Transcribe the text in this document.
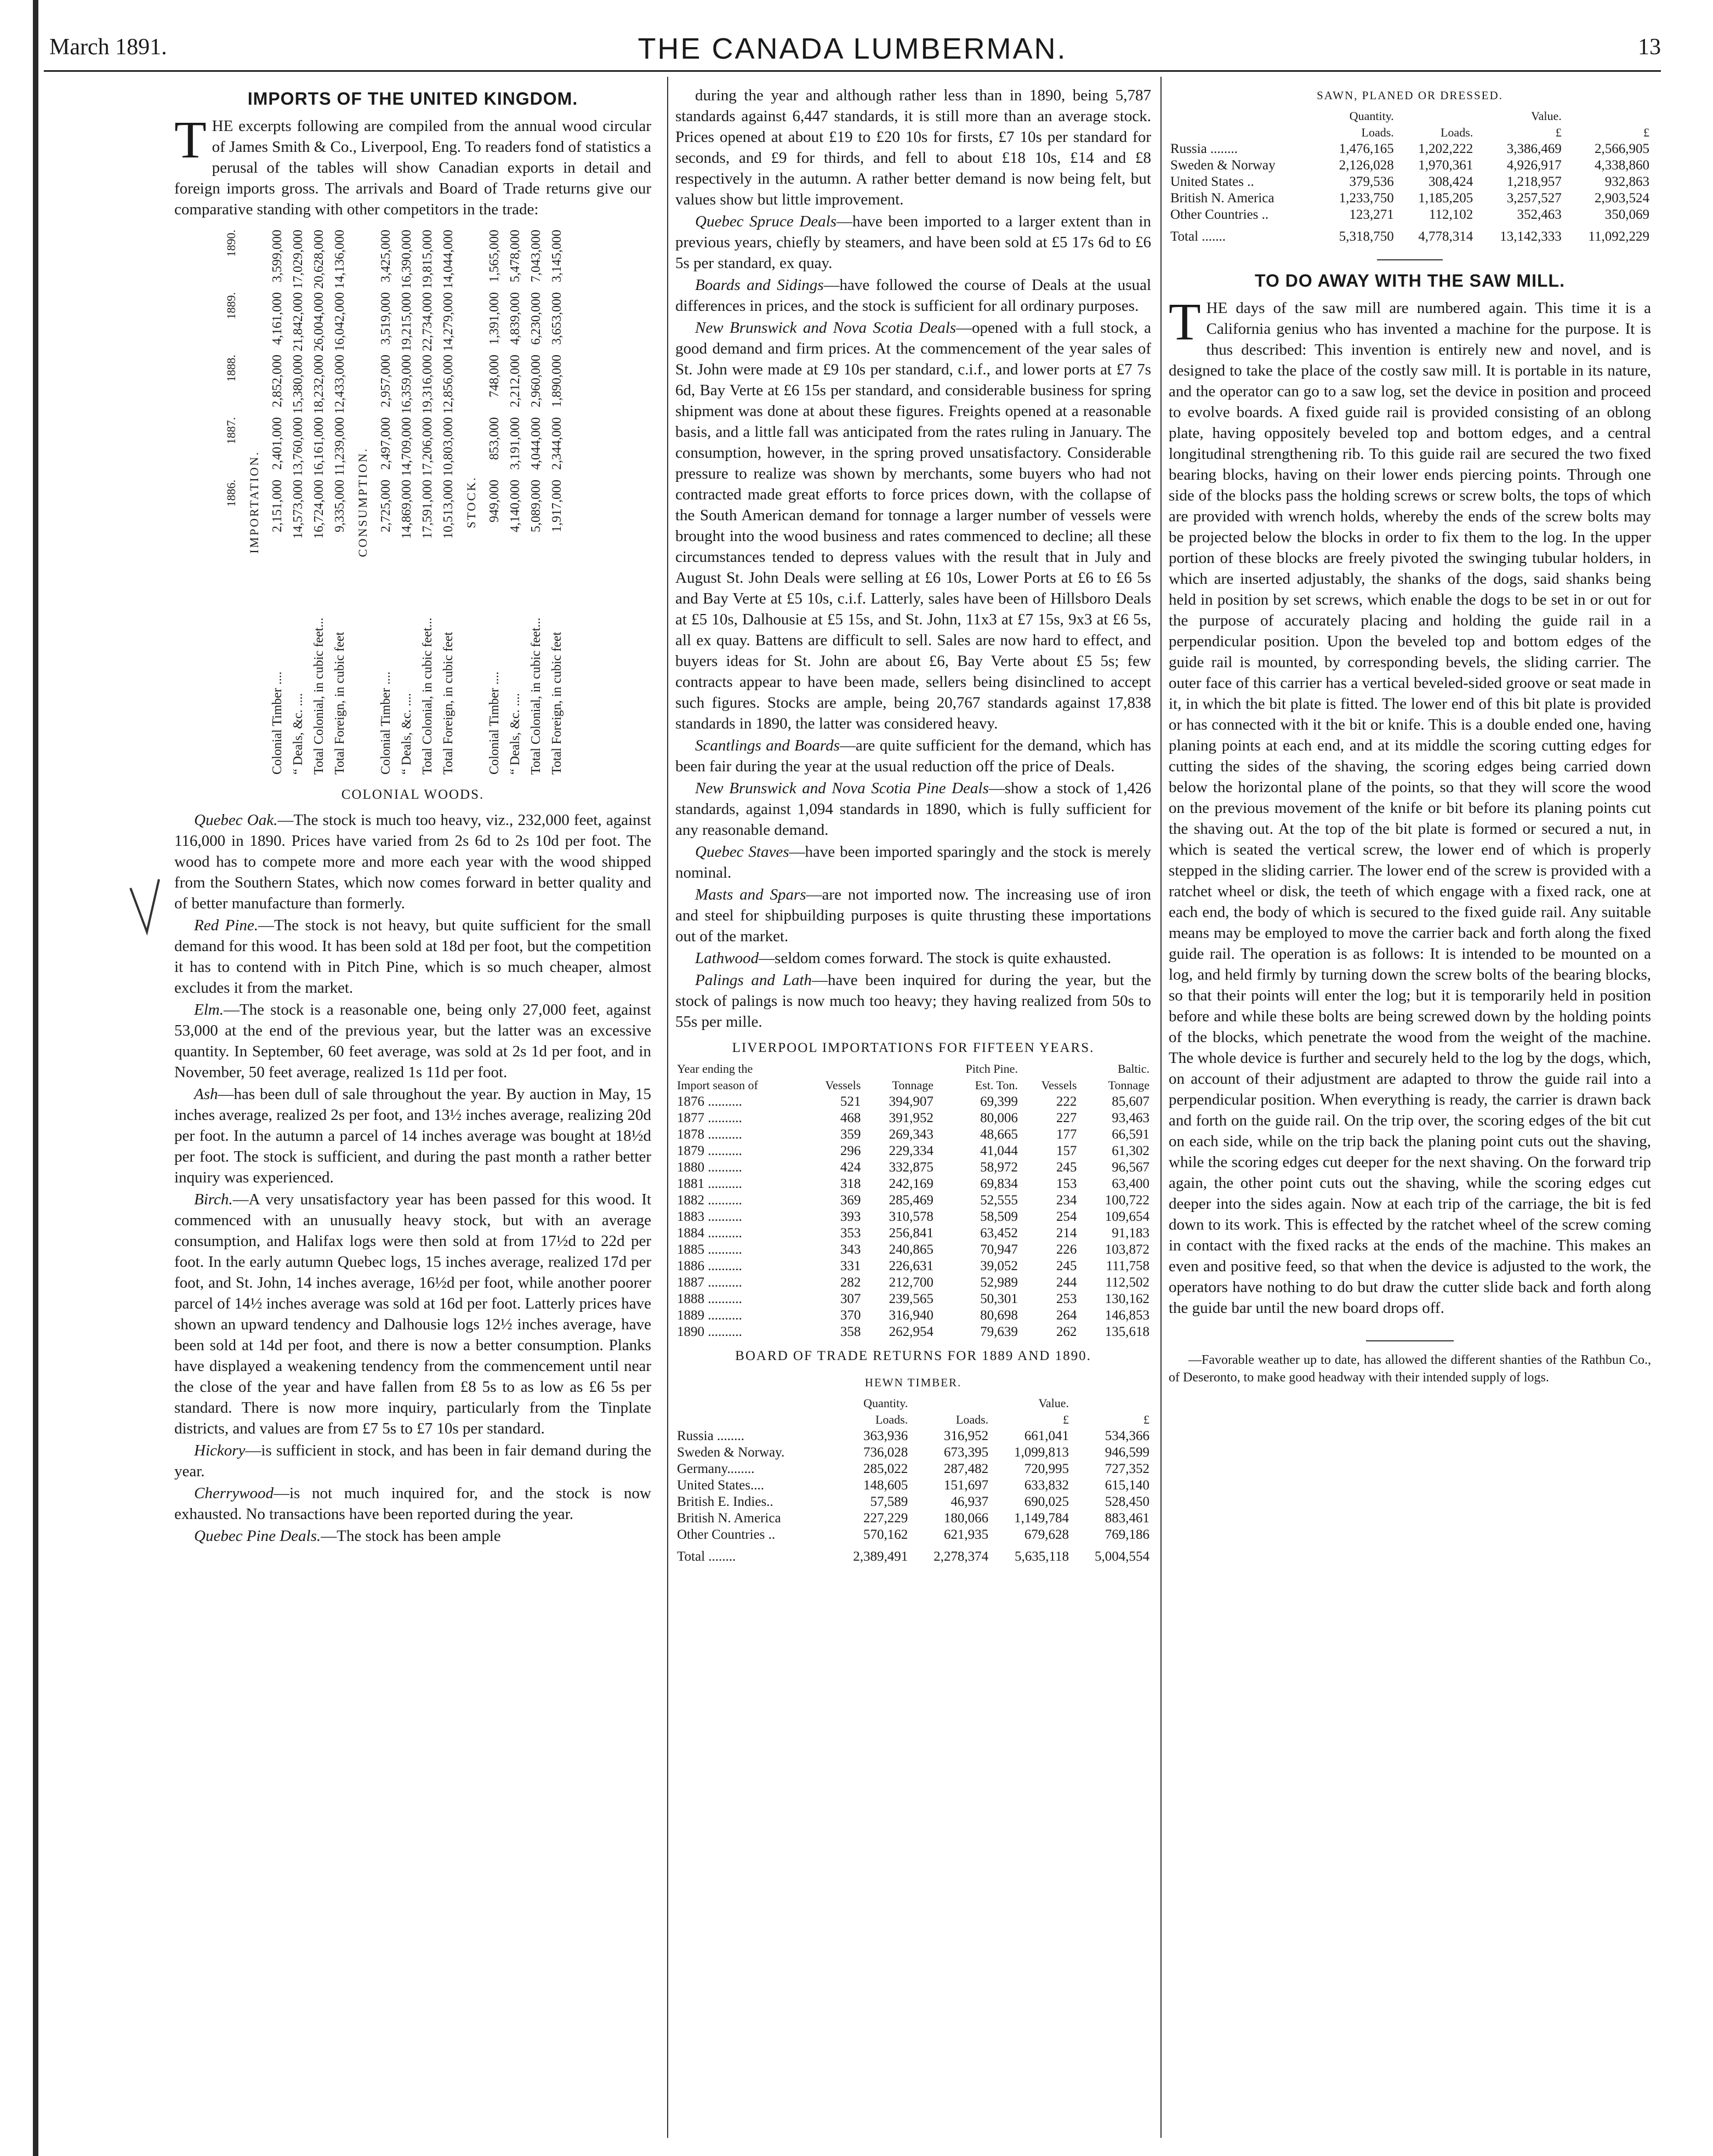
March 1891.	THE CANADA LUMBERMAN.	13
IMPORTS OF THE UNITED KINGDOM.

THE excerpts following are compiled from the annual wood circular of James Smith & Co., Liverpool, Eng. To readers fond of statistics a perusal of the tables will show Canadian exports in detail and foreign imports gross. The arrivals and Board of Trade returns give our comparative standing with other competitors in the trade:

	1886.	1887.	1888.	1889.	1890.
IMPORTATION.					
Colonial Timber ....	2,151,000	2,401,000	2,852,000	4,161,000	3,599,000
“ Deals, &c. ....	14,573,000	13,760,000	15,380,000	21,842,000	17,029,000
Total Colonial, in cubic feet...	16,724,000	16,161,000	18,232,000	26,004,000	20,628,000
Total Foreign, in cubic feet	9,335,000	11,239,000	12,433,000	16,042,000	14,136,000
CONSUMPTION.					
Colonial Timber ....	2,725,000	2,497,000	2,957,000	3,519,000	3,425,000
“ Deals, &c. ....	14,869,000	14,709,000	16,359,000	19,215,000	16,390,000
Total Colonial, in cubic feet...	17,591,000	17,206,000	19,316,000	22,734,000	19,815,000
Total Foreign, in cubic feet	10,513,000	10,803,000	12,856,000	14,279,000	14,044,000
STOCK.					
Colonial Timber ....	949,000	853,000	748,000	1,391,000	1,565,000
“ Deals, &c. ....	4,140,000	3,191,000	2,212,000	4,839,000	5,478,000
Total Colonial, in cubic feet...	5,089,000	4,044,000	2,960,000	6,230,000	7,043,000
Total Foreign, in cubic feet	1,917,000	2,344,000	1,890,000	3,653,000	3,145,000
COLONIAL WOODS.

Quebec Oak.—The stock is much too heavy, viz., 232,000 feet, against 116,000 in 1890. Prices have varied from 2s 6d to 2s 10d per foot. The wood has to compete more and more each year with the wood shipped from the Southern States, which now comes forward in better quality and of better manufacture than formerly.

Red Pine.—The stock is not heavy, but quite sufficient for the small demand for this wood. It has been sold at 18d per foot, but the competition it has to contend with in Pitch Pine, which is so much cheaper, almost excludes it from the market.

Elm.—The stock is a reasonable one, being only 27,000 feet, against 53,000 at the end of the previous year, but the latter was an excessive quantity. In September, 60 feet average, was sold at 2s 1d per foot, and in November, 50 feet average, realized 1s 11d per foot.

Ash—has been dull of sale throughout the year. By auction in May, 15 inches average, realized 2s per foot, and 13½ inches average, realizing 20d per foot. In the autumn a parcel of 14 inches average was bought at 18½d per foot. The stock is sufficient, and during the past month a rather better inquiry was experienced.

Birch.—A very unsatisfactory year has been passed for this wood. It commenced with an unusually heavy stock, but with an average consumption, and Halifax logs were then sold at from 17½d to 22d per foot. In the early autumn Quebec logs, 15 inches average, realized 17d per foot, and St. John, 14 inches average, 16½d per foot, while another poorer parcel of 14½ inches average was sold at 16d per foot. Latterly prices have shown an upward tendency and Dalhousie logs 12½ inches average, have been sold at 14d per foot, and there is now a better consumption. Planks have displayed a weakening tendency from the commencement until near the close of the year and have fallen from £8 5s to as low as £6 5s per standard. There is now more inquiry, particularly from the Tinplate districts, and values are from £7 5s to £7 10s per standard.

Hickory—is sufficient in stock, and has been in fair demand during the year.

Cherrywood—is not much inquired for, and the stock is now exhausted. No transactions have been reported during the year.

Quebec Pine Deals.—The stock has been ample

during the year and although rather less than in 1890, being 5,787 standards against 6,447 standards, it is still more than an average stock. Prices opened at about £19 to £20 10s for firsts, £7 10s per standard for seconds, and £9 for thirds, and fell to about £18 10s, £14 and £8 respectively in the autumn. A rather better demand is now being felt, but values show but little improvement.

Quebec Spruce Deals—have been imported to a larger extent than in previous years, chiefly by steamers, and have been sold at £5 17s 6d to £6 5s per standard, ex quay.

Boards and Sidings—have followed the course of Deals at the usual differences in prices, and the stock is sufficient for all ordinary purposes.

New Brunswick and Nova Scotia Deals—opened with a full stock, a good demand and firm prices. At the commencement of the year sales of St. John were made at £9 10s per standard, c.i.f., and lower ports at £7 7s 6d, Bay Verte at £6 15s per standard, and considerable business for spring shipment was done at about these figures. Freights opened at a reasonable basis, and a little fall was anticipated from the rates ruling in January. The consumption, however, in the spring proved unsatisfactory. Considerable pressure to realize was shown by merchants, some buyers who had not contracted made great efforts to force prices down, with the collapse of the South American demand for tonnage a larger number of vessels were brought into the wood business and rates commenced to decline; all these circumstances tended to depress values with the result that in July and August St. John Deals were selling at £6 10s, Lower Ports at £6 to £6 5s and Bay Verte at £5 10s, c.i.f. Latterly, sales have been of Hillsboro Deals at £5 10s, Dalhousie at £5 15s, and St. John, 11x3 at £7 15s, 9x3 at £6 5s, all ex quay. Battens are difficult to sell. Sales are now hard to effect, and buyers ideas for St. John are about £6, Bay Verte about £5 5s; few contracts appear to have been made, sellers being disinclined to accept such figures. Stocks are ample, being 20,767 standards against 17,838 standards in 1890, the latter was considered heavy.

Scantlings and Boards—are quite sufficient for the demand, which has been fair during the year at the usual reduction off the price of Deals.

New Brunswick and Nova Scotia Pine Deals—show a stock of 1,426 standards, against 1,094 standards in 1890, which is fully sufficient for any reasonable demand.

Quebec Staves—have been imported sparingly and the stock is merely nominal.

Masts and Spars—are not imported now. The increasing use of iron and steel for shipbuilding purposes is quite thrusting these importations out of the market.

Lathwood—seldom comes forward. The stock is quite exhausted.

Palings and Lath—have been inquired for during the year, but the stock of palings is now much too heavy; they having realized from 50s to 55s per mille.

LIVERPOOL IMPORTATIONS FOR FIFTEEN YEARS.
Year ending the			Pitch Pine.		Baltic.
Import season of	Vessels	Tonnage	Est. Ton.	Vessels	Tonnage
1876 ..........	521	394,907	69,399	222	85,607
1877 ..........	468	391,952	80,006	227	93,463
1878 ..........	359	269,343	48,665	177	66,591
1879 ..........	296	229,334	41,044	157	61,302
1880 ..........	424	332,875	58,972	245	96,567
1881 ..........	318	242,169	69,834	153	63,400
1882 ..........	369	285,469	52,555	234	100,722
1883 ..........	393	310,578	58,509	254	109,654
1884 ..........	353	256,841	63,452	214	91,183
1885 ..........	343	240,865	70,947	226	103,872
1886 ..........	331	226,631	39,052	245	111,758
1887 ..........	282	212,700	52,989	244	112,502
1888 ..........	307	239,565	50,301	253	130,162
1889 ..........	370	316,940	80,698	264	146,853
1890 ..........	358	262,954	79,639	262	135,618
BOARD OF TRADE RETURNS FOR 1889 AND 1890.
HEWN TIMBER.
	Quantity.		Value.	
	Loads.	Loads.	£	£
Russia ........	363,936	316,952	661,041	534,366
Sweden & Norway.	736,028	673,395	1,099,813	946,599
Germany........	285,022	287,482	720,995	727,352
United States....	148,605	151,697	633,832	615,140
British E. Indies..	57,589	46,937	690,025	528,450
British N. America	227,229	180,066	1,149,784	883,461
Other Countries ..	570,162	621,935	679,628	769,186
Total ........	2,389,491	2,278,374	5,635,118	5,004,554
SAWN, PLANED OR DRESSED.
	Quantity.		Value.	
	Loads.	Loads.	£	£
Russia ........	1,476,165	1,202,222	3,386,469	2,566,905
Sweden & Norway	2,126,028	1,970,361	4,926,917	4,338,860
United States ..	379,536	308,424	1,218,957	932,863
British N. America	1,233,750	1,185,205	3,257,527	2,903,524
Other Countries ..	123,271	112,102	352,463	350,069
Total .......	5,318,750	4,778,314	13,142,333	11,092,229
TO DO AWAY WITH THE SAW MILL.

THE days of the saw mill are numbered again. This time it is a California genius who has invented a machine for the purpose. It is thus described: This invention is entirely new and novel, and is designed to take the place of the costly saw mill. It is portable in its nature, and the operator can go to a saw log, set the device in position and proceed to evolve boards. A fixed guide rail is provided consisting of an oblong plate, having oppositely beveled top and bottom edges, and a central longitudinal strengthening rib. To this guide rail are secured the two fixed bearing blocks, having on their lower ends piercing points. Through one side of the blocks pass the holding screws or screw bolts, the tops of which are provided with wrench holds, whereby the ends of the screw bolts may be projected below the blocks in order to fix them to the log. In the upper portion of these blocks are freely pivoted the swinging tubular holders, in which are inserted adjustably, the shanks of the dogs, said shanks being held in position by set screws, which enable the dogs to be set in or out for the purpose of accurately placing and holding the guide rail in a perpendicular position. Upon the beveled top and bottom edges of the guide rail is mounted, by corresponding bevels, the sliding carrier. The outer face of this carrier has a vertical beveled-sided groove or seat made in it, in which the bit plate is fitted. The lower end of this bit plate is provided or has connected with it the bit or knife. This is a double ended one, having planing points at each end, and at its middle the scoring cutting edges for cutting the sides of the shaving, the scoring edges being carried down below the horizontal plane of the points, so that they will score the wood on the previous movement of the knife or bit before its planing points cut the shaving out. At the top of the bit plate is formed or secured a nut, in which is seated the vertical screw, the lower end of which is properly stepped in the sliding carrier. The lower end of the screw is provided with a ratchet wheel or disk, the teeth of which engage with a fixed rack, one at each end, the body of which is secured to the fixed guide rail. Any suitable means may be employed to move the carrier back and forth along the fixed guide rail. The operation is as follows: It is intended to be mounted on a log, and held firmly by turning down the screw bolts of the bearing blocks, so that their points will enter the log; but it is temporarily held in position before and while these bolts are being screwed down by the holding points of the blocks, which penetrate the wood from the weight of the machine. The whole device is further and securely held to the log by the dogs, which, on account of their adjustment are adapted to throw the guide rail into a perpendicular position. When everything is ready, the carrier is drawn back and forth on the guide rail. On the trip over, the scoring edges of the bit cut on each side, while on the trip back the planing point cuts out the shaving, while the scoring edges cut deeper for the next shaving. On the forward trip again, the other point cuts out the shaving, while the scoring edges cut deeper into the sides again. Now at each trip of the carriage, the bit is fed down to its work. This is effected by the ratchet wheel of the screw coming in contact with the fixed racks at the ends of the machine. This makes an even and positive feed, so that when the device is adjusted to the work, the operators have nothing to do but draw the cutter slide back and forth along the guide bar until the new board drops off.

—Favorable weather up to date, has allowed the different shanties of the Rathbun Co., of Deseronto, to make good headway with their intended supply of logs.
